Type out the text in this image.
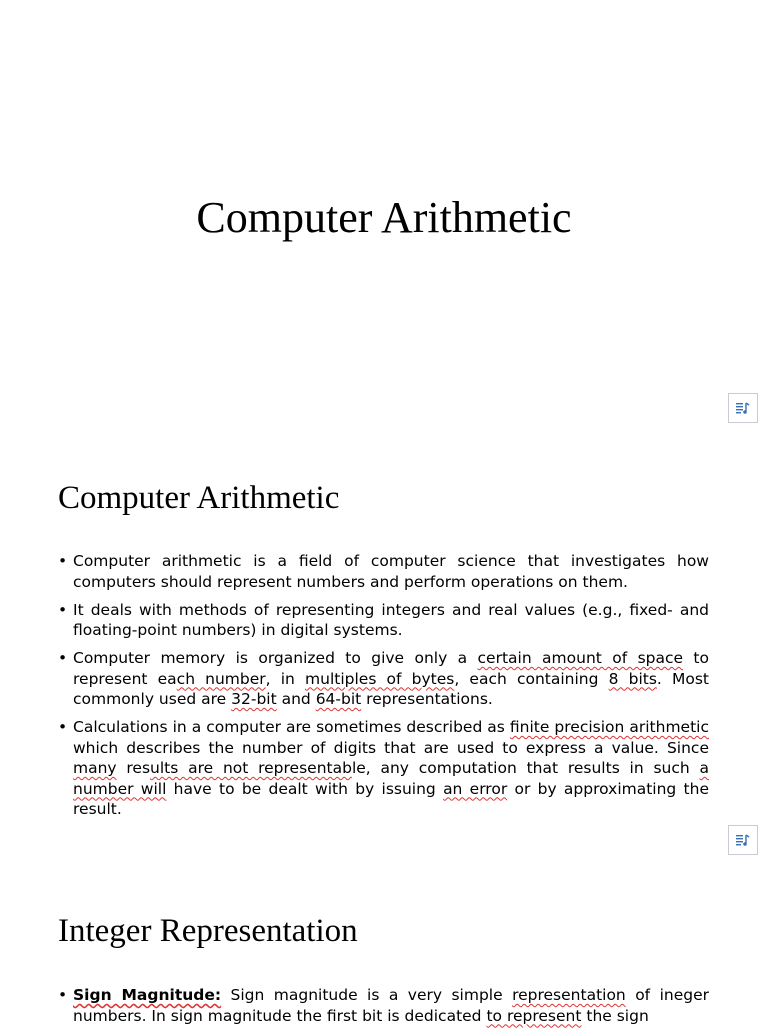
Computer Arithmetic
Computer Arithmetic
• Computer arithmetic is a field of computer science that investigates how computers should represent numbers and perform operations on them.
• It deals with methods of representing integers and real values (e.g., fixed- and floating-point numbers) in digital systems.
• Computer memory is organized to give only a certain amount of space to represent each number, in multiples of bytes, each containing 8 bits. Most commonly used are 32-bit and 64-bit representations.
• Calculations in a computer are sometimes described as finite precision arithmetic which describes the number of digits that are used to express a value. Since many results are not representable, any computation that results in such a number will have to be dealt with by issuing an error or by approximating the result.
Integer Representation
• Sign Magnitude: Sign magnitude is a very simple representation of ineger numbers. In sign magnitude the first bit is dedicated to represent the sign
